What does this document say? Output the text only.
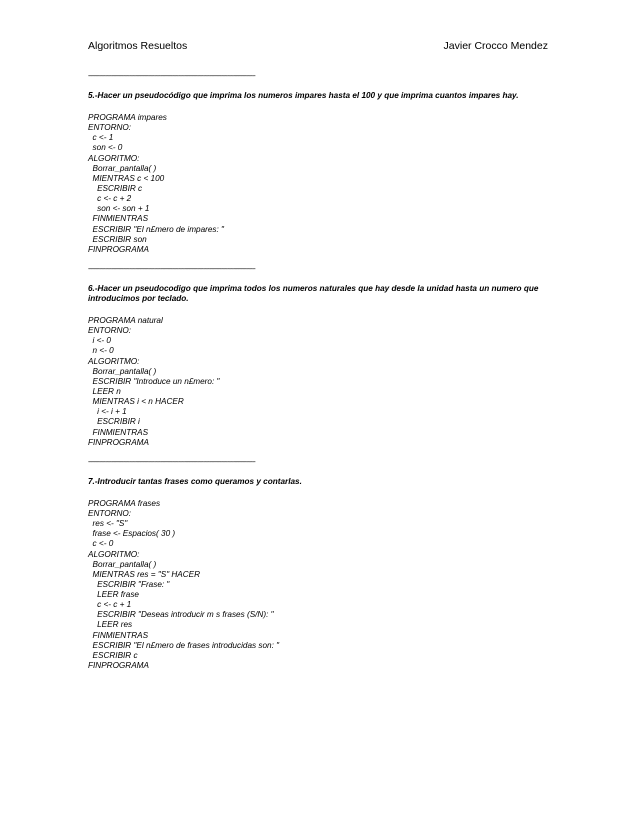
Algoritmos Resueltos	Javier Crocco Mendez
-------------------------------------------------------------------------------------------------------------
5.-Hacer un pseudocódigo que imprima los numeros impares hasta el 100 y que imprima cuantos impares hay.
PROGRAMA impares
ENTORNO:
c <- 1
son <- 0
ALGORITMO:
Borrar_pantalla( )
MIENTRAS c < 100
ESCRIBIR c
c <- c + 2
son <- son + 1
FINMIENTRAS
ESCRIBIR "El n£mero de impares: "
ESCRIBIR son
FINPROGRAMA
-------------------------------------------------------------------------------------------------------------
6.-Hacer un pseudocodigo que imprima todos los numeros naturales que hay desde la unidad hasta un numero que introducimos por teclado.
PROGRAMA natural
ENTORNO:
i <- 0
n <- 0
ALGORITMO:
Borrar_pantalla( )
ESCRIBIR "Introduce un n£mero: "
LEER n
MIENTRAS i < n HACER
i <- i + 1
ESCRIBIR i
FINMIENTRAS
FINPROGRAMA
-------------------------------------------------------------------------------------------------------------
7.-Introducir tantas frases como queramos y contarlas.
PROGRAMA frases
ENTORNO:
res <- "S"
frase <- Espacios( 30 )
c <- 0
ALGORITMO:
Borrar_pantalla( )
MIENTRAS res = "S" HACER
ESCRIBIR "Frase: "
LEER frase
c <- c + 1
ESCRIBIR "Deseas introducir m s frases (S/N): "
LEER res
FINMIENTRAS
ESCRIBIR "El n£mero de frases introducidas son: "
ESCRIBIR c
FINPROGRAMA
